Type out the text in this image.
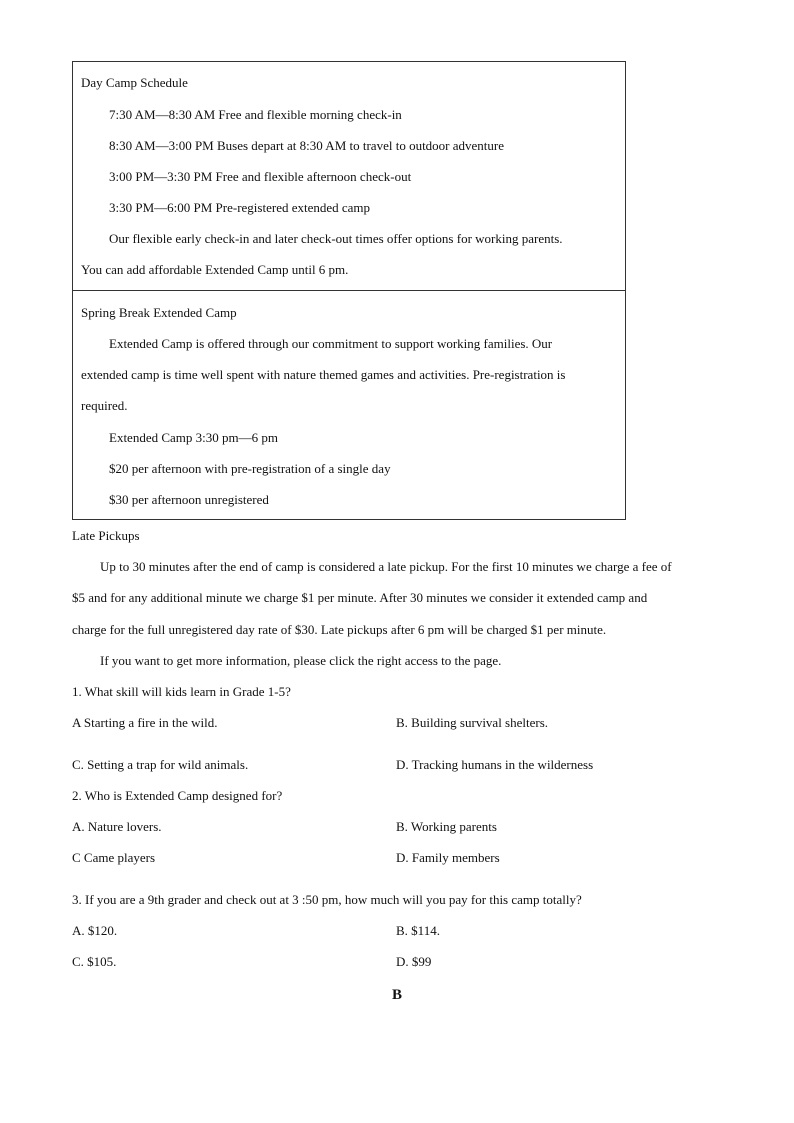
Day Camp Schedule
7:30 AM—8:30 AM Free and flexible morning check-in
8:30 AM—3:00 PM Buses depart at 8:30 AM to travel to outdoor adventure
3:00 PM—3:30 PM Free and flexible afternoon check-out
3:30 PM—6:00 PM Pre-registered extended camp
Our flexible early check-in and later check-out times offer options for working parents.
You can add affordable Extended Camp until 6 pm.
Spring Break Extended Camp
Extended Camp is offered through our commitment to support working families. Our
extended camp is time well spent with nature themed games and activities. Pre-registration is
required.
Extended Camp 3:30 pm—6 pm
$20 per afternoon with pre-registration of a single day
$30 per afternoon unregistered
Late Pickups
Up to 30 minutes after the end of camp is considered a late pickup. For the first 10 minutes we charge a fee of
$5 and for any additional minute we charge $1 per minute. After 30 minutes we consider it extended camp and
charge for the full unregistered day rate of $30. Late pickups after 6 pm will be charged $1 per minute.
If you want to get more information, please click the right access to the page.
1. What skill will kids learn in Grade 1-5?
A Starting a fire in the wild.	B. Building survival shelters.
C. Setting a trap for wild animals.	D. Tracking humans in the wilderness
2. Who is Extended Camp designed for?
A. Nature lovers.	B. Working parents
C Came players	D. Family members
3. If you are a 9th grader and check out at 3 :50 pm, how much will you pay for this camp totally?
A. $120.	B. $114.
C. $105.	D. $99
B
